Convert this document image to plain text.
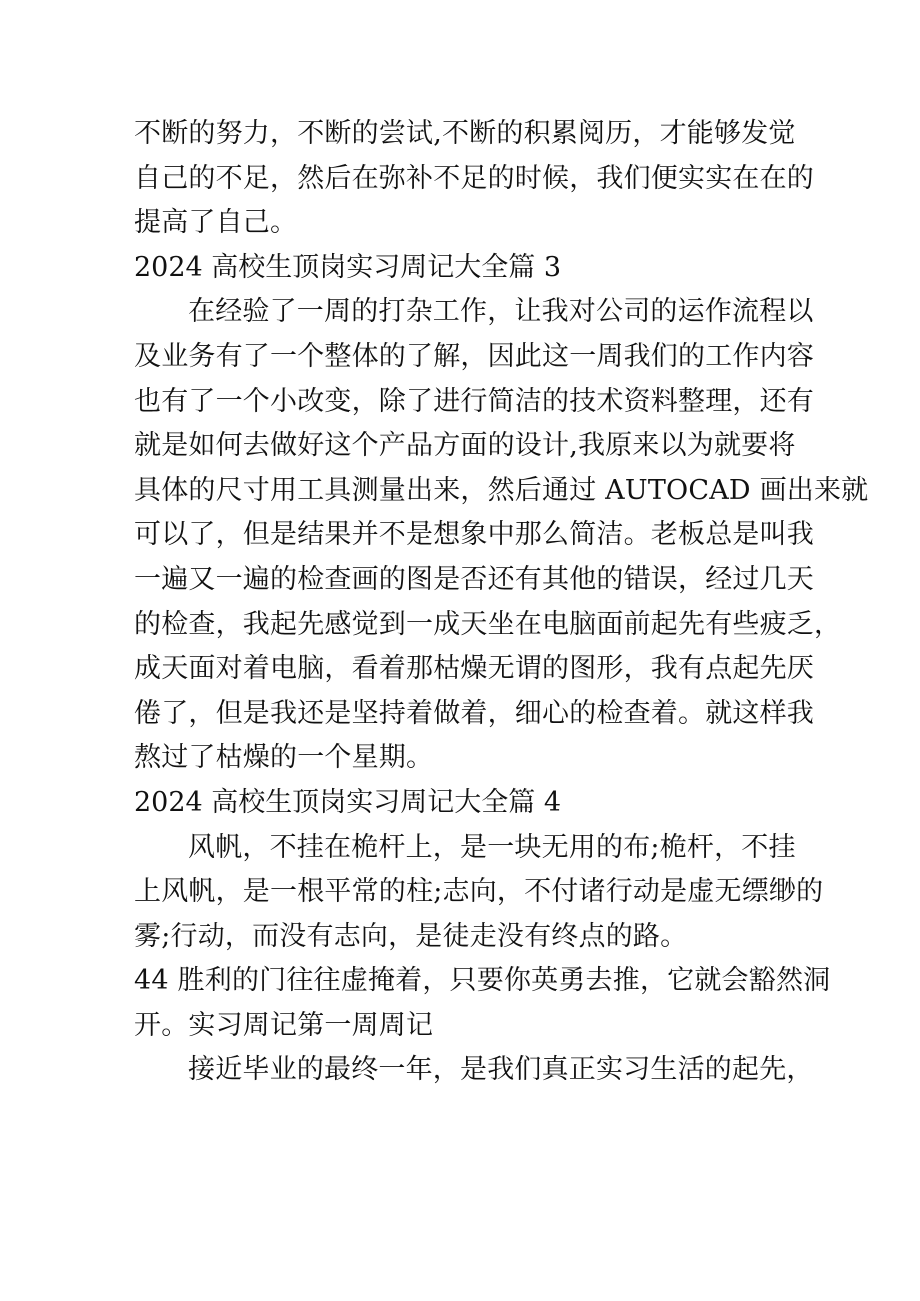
不断的努力，不断的尝试,不断的积累阅历，才能够发觉
自己的不足，然后在弥补不足的时候，我们便实实在在的
提高了自己。
2024 高校生顶岗实习周记大全篇 3
在经验了一周的打杂工作，让我对公司的运作流程以
及业务有了一个整体的了解，因此这一周我们的工作内容
也有了一个小改变，除了进行简洁的技术资料整理，还有
就是如何去做好这个产品方面的设计,我原来以为就要将
具体的尺寸用工具测量出来，然后通过 AUTOCAD 画出来就
可以了，但是结果并不是想象中那么简洁。老板总是叫我
一遍又一遍的检查画的图是否还有其他的错误，经过几天
的检查，我起先感觉到一成天坐在电脑面前起先有些疲乏，
成天面对着电脑，看着那枯燥无谓的图形，我有点起先厌
倦了，但是我还是坚持着做着，细心的检查着。就这样我
熬过了枯燥的一个星期。
2024 高校生顶岗实习周记大全篇 4
风帆，不挂在桅杆上，是一块无用的布;桅杆，不挂
上风帆，是一根平常的柱;志向，不付诸行动是虚无缥缈的
雾;行动，而没有志向，是徒走没有终点的路。
44 胜利的门往往虚掩着，只要你英勇去推，它就会豁然洞
开。实习周记第一周周记
接近毕业的最终一年，是我们真正实习生活的起先，
